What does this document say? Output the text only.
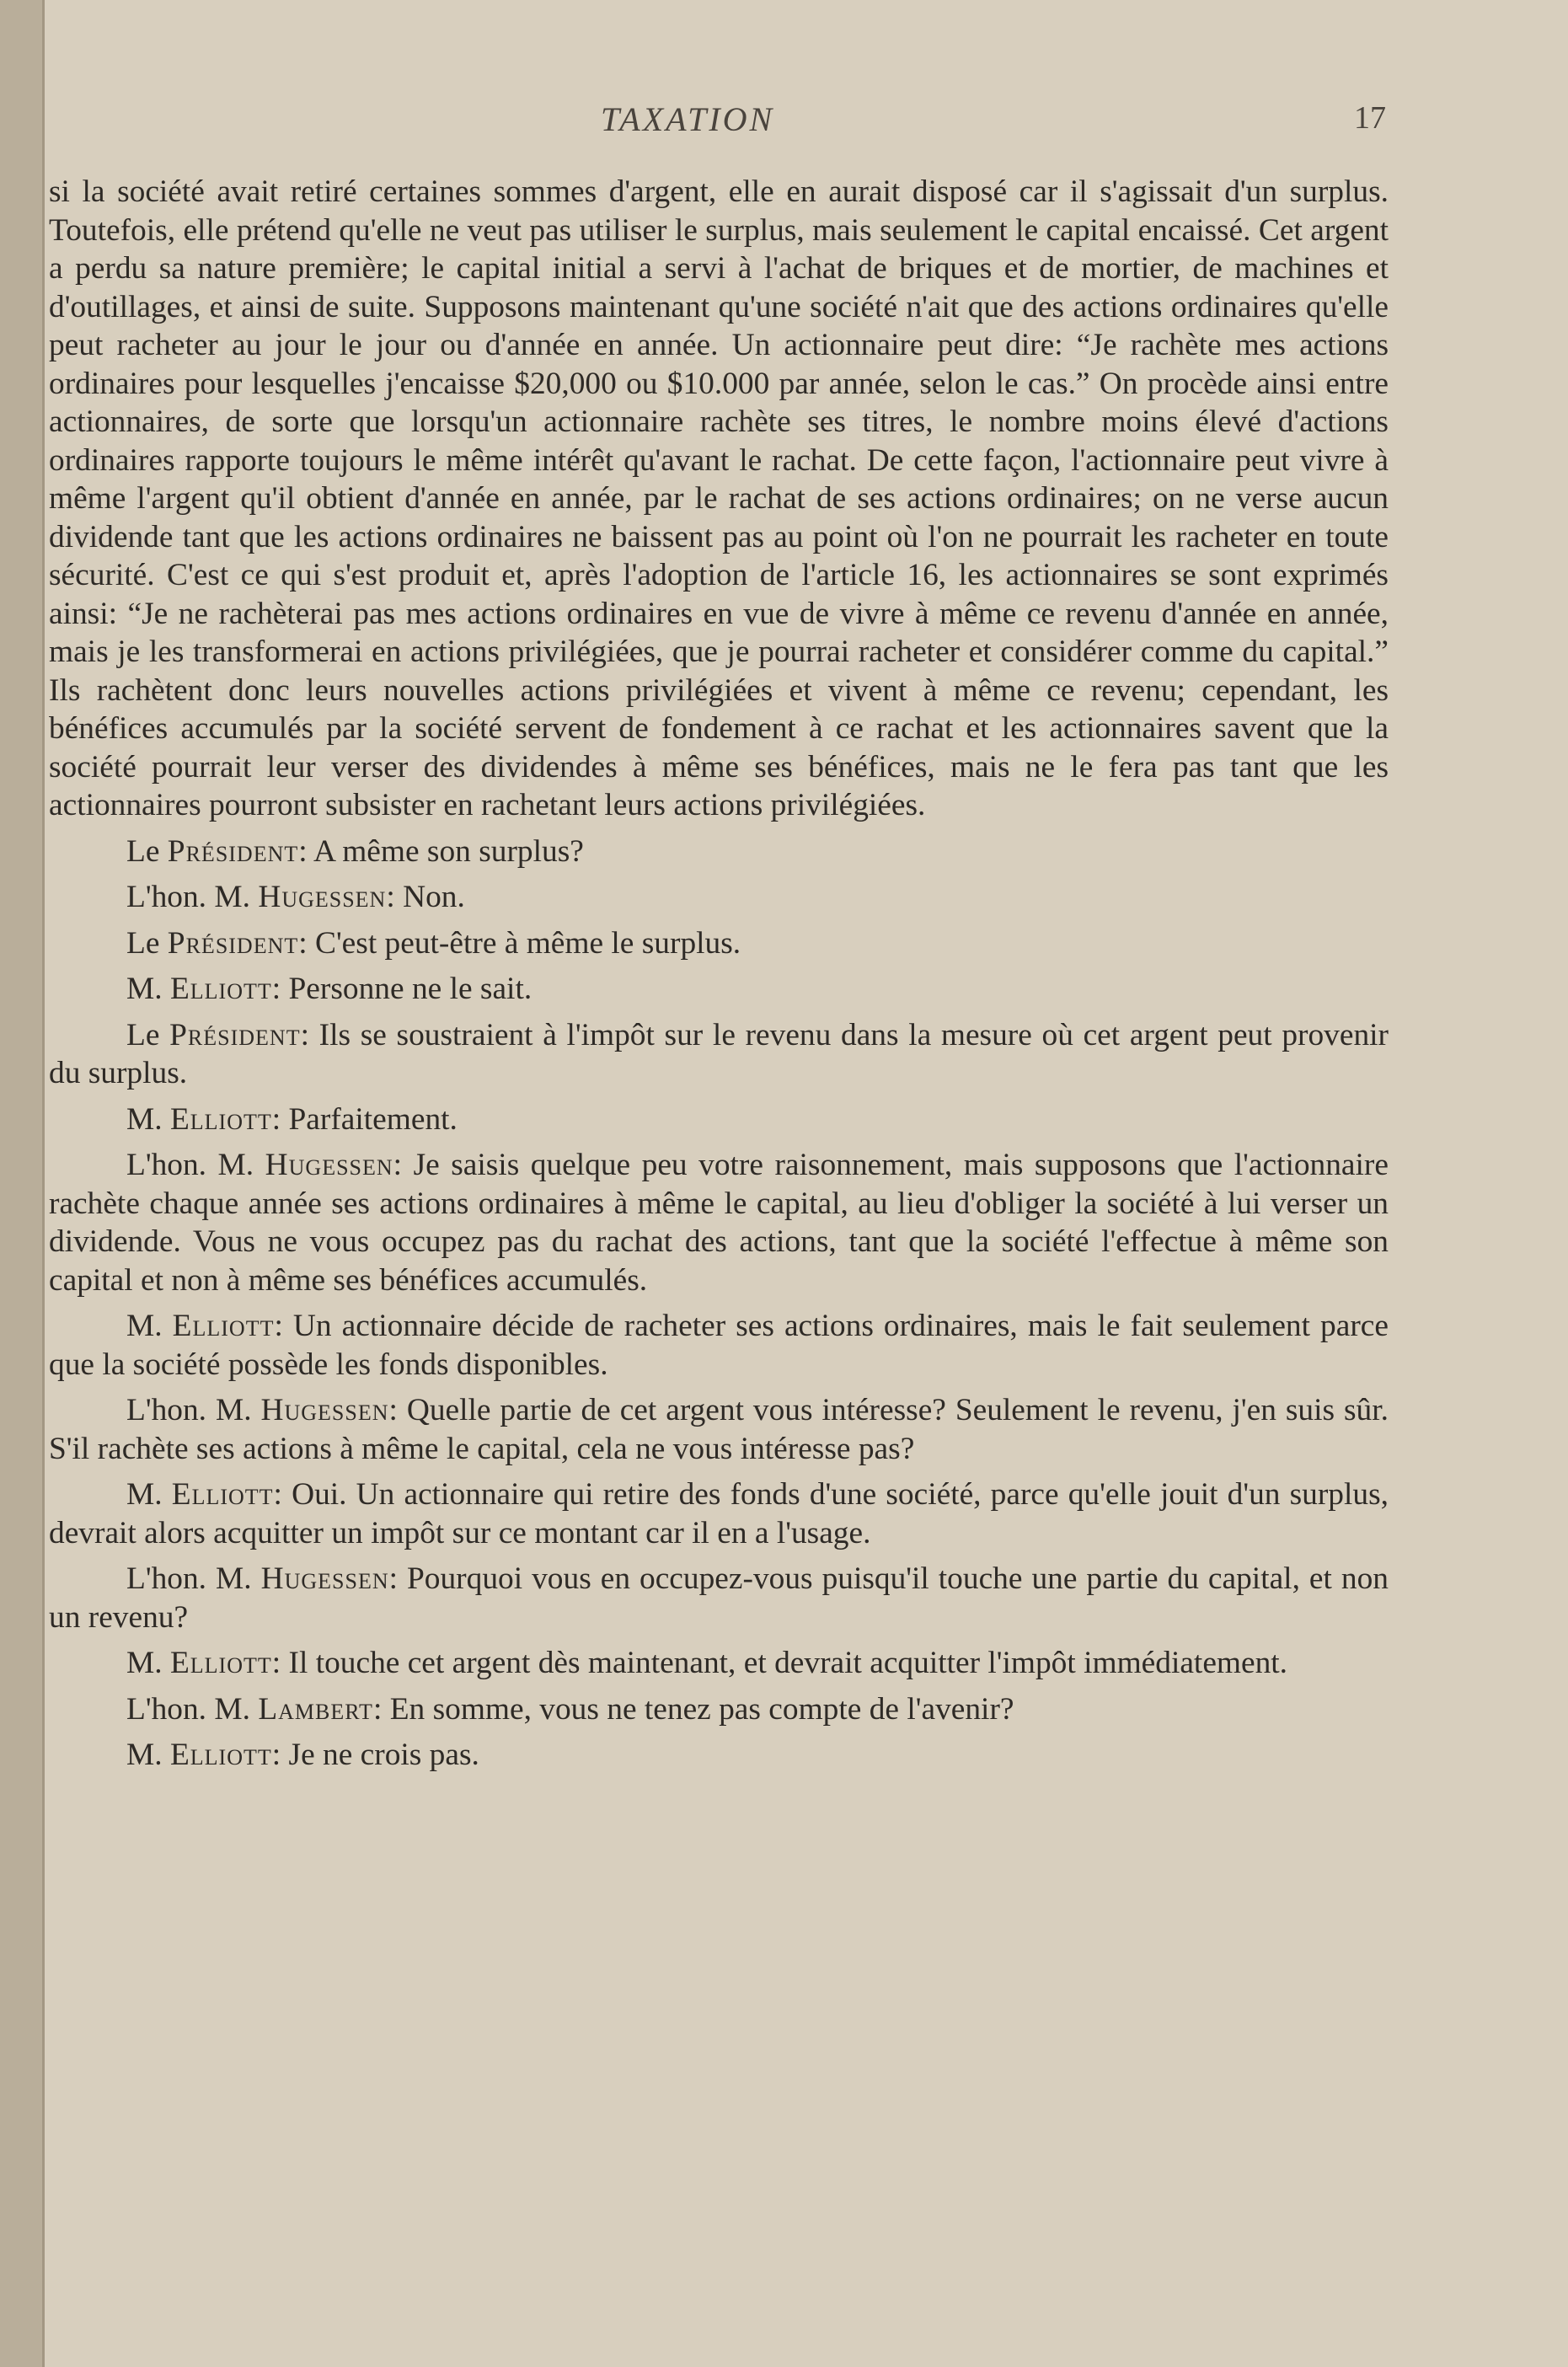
TAXATION	17

si la société avait retiré certaines sommes d'argent, elle en aurait disposé car il s'agissait d'un surplus. Toutefois, elle prétend qu'elle ne veut pas utiliser le surplus, mais seulement le capital encaissé. Cet argent a perdu sa nature première; le capital initial a servi à l'achat de briques et de mortier, de machines et d'outillages, et ainsi de suite. Supposons maintenant qu'une société n'ait que des actions ordinaires qu'elle peut racheter au jour le jour ou d'année en année. Un actionnaire peut dire: “Je rachète mes actions ordinaires pour lesquelles j'encaisse $20,000 ou $10.000 par année, selon le cas.” On procède ainsi entre actionnaires, de sorte que lorsqu'un actionnaire rachète ses titres, le nombre moins élevé d'actions ordinaires rapporte toujours le même intérêt qu'avant le rachat. De cette façon, l'actionnaire peut vivre à même l'argent qu'il obtient d'année en année, par le rachat de ses actions ordinaires; on ne verse aucun dividende tant que les actions ordinaires ne baissent pas au point où l'on ne pourrait les racheter en toute sécurité. C'est ce qui s'est produit et, après l'adoption de l'article 16, les actionnaires se sont exprimés ainsi: “Je ne rachèterai pas mes actions ordinaires en vue de vivre à même ce revenu d'année en année, mais je les transformerai en actions privilégiées, que je pourrai racheter et considérer comme du capital.” Ils rachètent donc leurs nouvelles actions privilégiées et vivent à même ce revenu; cependant, les bénéfices accumulés par la société servent de fondement à ce rachat et les actionnaires savent que la société pourrait leur verser des dividendes à même ses bénéfices, mais ne le fera pas tant que les actionnaires pourront subsister en rachetant leurs actions privilégiées.

Le Président: A même son surplus?

L'hon. M. Hugessen: Non.

Le Président: C'est peut-être à même le surplus.

M. Elliott: Personne ne le sait.

Le Président: Ils se soustraient à l'impôt sur le revenu dans la mesure où cet argent peut provenir du surplus.

M. Elliott: Parfaitement.

L'hon. M. Hugessen: Je saisis quelque peu votre raisonnement, mais supposons que l'actionnaire rachète chaque année ses actions ordinaires à même le capital, au lieu d'obliger la société à lui verser un dividende. Vous ne vous occupez pas du rachat des actions, tant que la société l'effectue à même son capital et non à même ses bénéfices accumulés.

M. Elliott: Un actionnaire décide de racheter ses actions ordinaires, mais le fait seulement parce que la société possède les fonds disponibles.

L'hon. M. Hugessen: Quelle partie de cet argent vous intéresse? Seulement le revenu, j'en suis sûr. S'il rachète ses actions à même le capital, cela ne vous intéresse pas?

M. Elliott: Oui. Un actionnaire qui retire des fonds d'une société, parce qu'elle jouit d'un surplus, devrait alors acquitter un impôt sur ce montant car il en a l'usage.

L'hon. M. Hugessen: Pourquoi vous en occupez-vous puisqu'il touche une partie du capital, et non un revenu?

M. Elliott: Il touche cet argent dès maintenant, et devrait acquitter l'impôt immédiatement.

L'hon. M. Lambert: En somme, vous ne tenez pas compte de l'avenir?

M. Elliott: Je ne crois pas.
